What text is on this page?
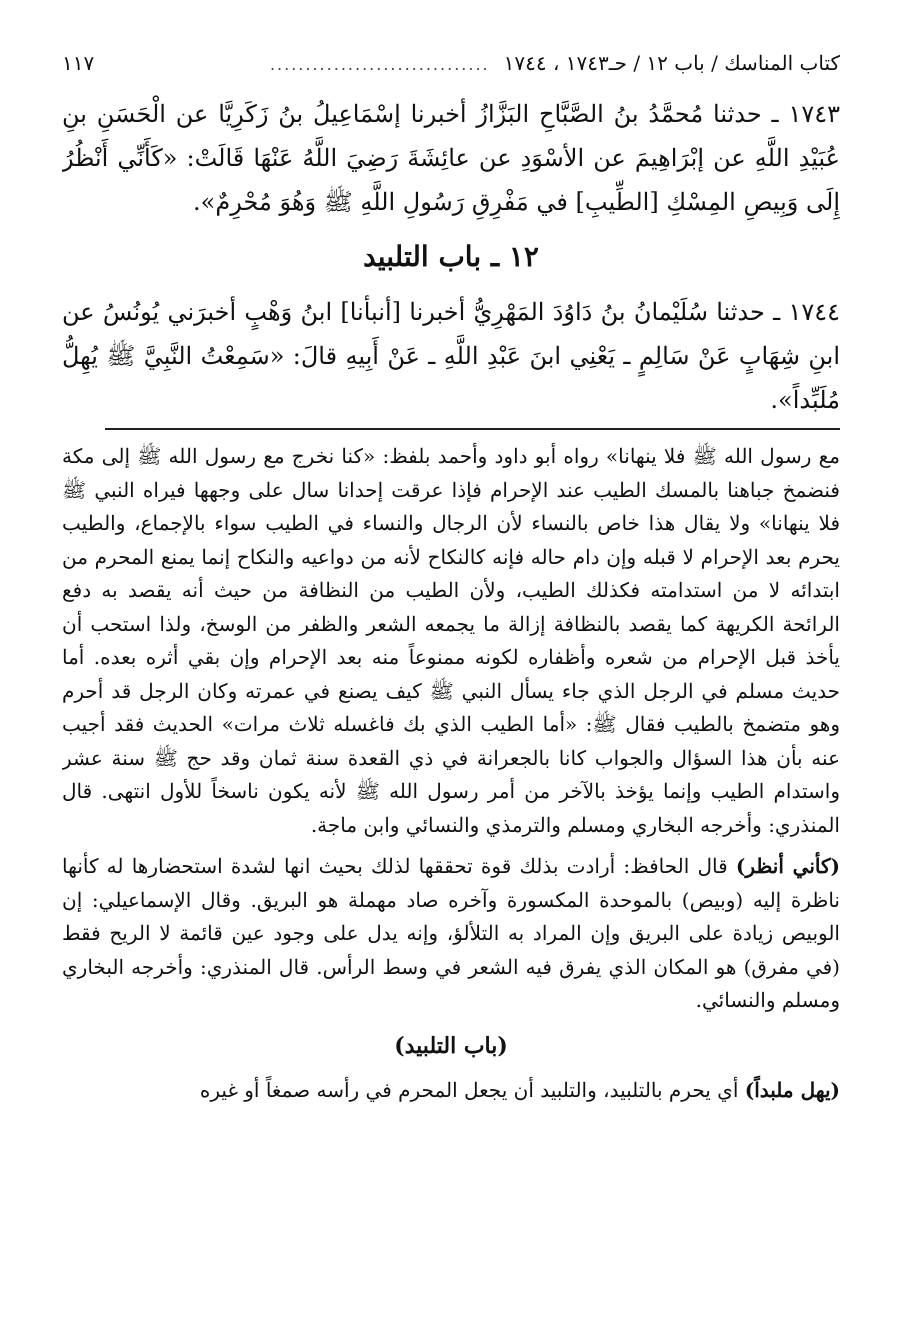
كتاب المناسك / باب ١٢ / حـ١٧٤٣ ، ١٧٤٤
...............................
١١٧

١٧٤٣ ـ حدثنا مُحمَّدُ بنُ الصَّبَّاحِ البَزَّازُ أخبرنا إسْمَاعِيلُ بنُ زَكَرِيَّا عن الْحَسَنِ بنِ عُبَيْدِ اللَّهِ عن إبْرَاهِيمَ عن الأسْوَدِ عن عائِشَةَ رَضِيَ اللَّهُ عَنْهَا قَالَتْ: «كَأَنِّي أَنْظُرُ إِلَى وَبِيصِ المِسْكِ [الطِّيبِ] في مَفْرِقِ رَسُولِ اللَّهِ ﷺ وَهُوَ مُحْرِمٌ».

١٢ ـ باب التلبيد

١٧٤٤ ـ حدثنا سُلَيْمانُ بنُ دَاوُدَ المَهْرِيُّ أخبرنا [أنبأنا] ابنُ وَهْبٍ أخبرَني يُونُسُ عن ابنِ شِهَابٍ عَنْ سَالِمٍ ـ يَعْنِي ابنَ عَبْدِ اللَّهِ ـ عَنْ أَبِيهِ قالَ: «سَمِعْتُ النَّبِيَّ ﷺ يُهِلُّ مُلَبِّداً».

مع رسول الله ﷺ فلا ينهانا» رواه أبو داود وأحمد بلفظ: «كنا نخرج مع رسول الله ﷺ إلى مكة فنضمخ جباهنا بالمسك الطيب عند الإحرام فإذا عرقت إحدانا سال على وجهها فيراه النبي ﷺ فلا ينهانا» ولا يقال هذا خاص بالنساء لأن الرجال والنساء في الطيب سواء بالإجماع، والطيب يحرم بعد الإحرام لا قبله وإن دام حاله فإنه كالنكاح لأنه من دواعيه والنكاح إنما يمنع المحرم من ابتدائه لا من استدامته فكذلك الطيب، ولأن الطيب من النظافة من حيث أنه يقصد به دفع الرائحة الكريهة كما يقصد بالنظافة إزالة ما يجمعه الشعر والظفر من الوسخ، ولذا استحب أن يأخذ قبل الإحرام من شعره وأظفاره لكونه ممنوعاً منه بعد الإحرام وإن بقي أثره بعده. أما حديث مسلم في الرجل الذي جاء يسأل النبي ﷺ كيف يصنع في عمرته وكان الرجل قد أحرم وهو متضمخ بالطيب فقال ﷺ: «أما الطيب الذي بك فاغسله ثلاث مرات» الحديث فقد أجيب عنه بأن هذا السؤال والجواب كانا بالجعرانة في ذي القعدة سنة ثمان وقد حج ﷺ سنة عشر واستدام الطيب وإنما يؤخذ بالآخر من أمر رسول الله ﷺ لأنه يكون ناسخاً للأول انتهى. قال المنذري: وأخرجه البخاري ومسلم والترمذي والنسائي وابن ماجة.

(كأني أنظر) قال الحافظ: أرادت بذلك قوة تحققها لذلك بحيث انها لشدة استحضارها له كأنها ناظرة إليه (وبيص) بالموحدة المكسورة وآخره صاد مهملة هو البريق. وقال الإسماعيلي: إن الوبيص زيادة على البريق وإن المراد به التلألؤ، وإنه يدل على وجود عين قائمة لا الريح فقط (في مفرق) هو المكان الذي يفرق فيه الشعر في وسط الرأس. قال المنذري: وأخرجه البخاري ومسلم والنسائي.

(باب التلبيد)

(يهل ملبداً) أي يحرم بالتلبيد، والتلبيد أن يجعل المحرم في رأسه صمغاً أو غيره
